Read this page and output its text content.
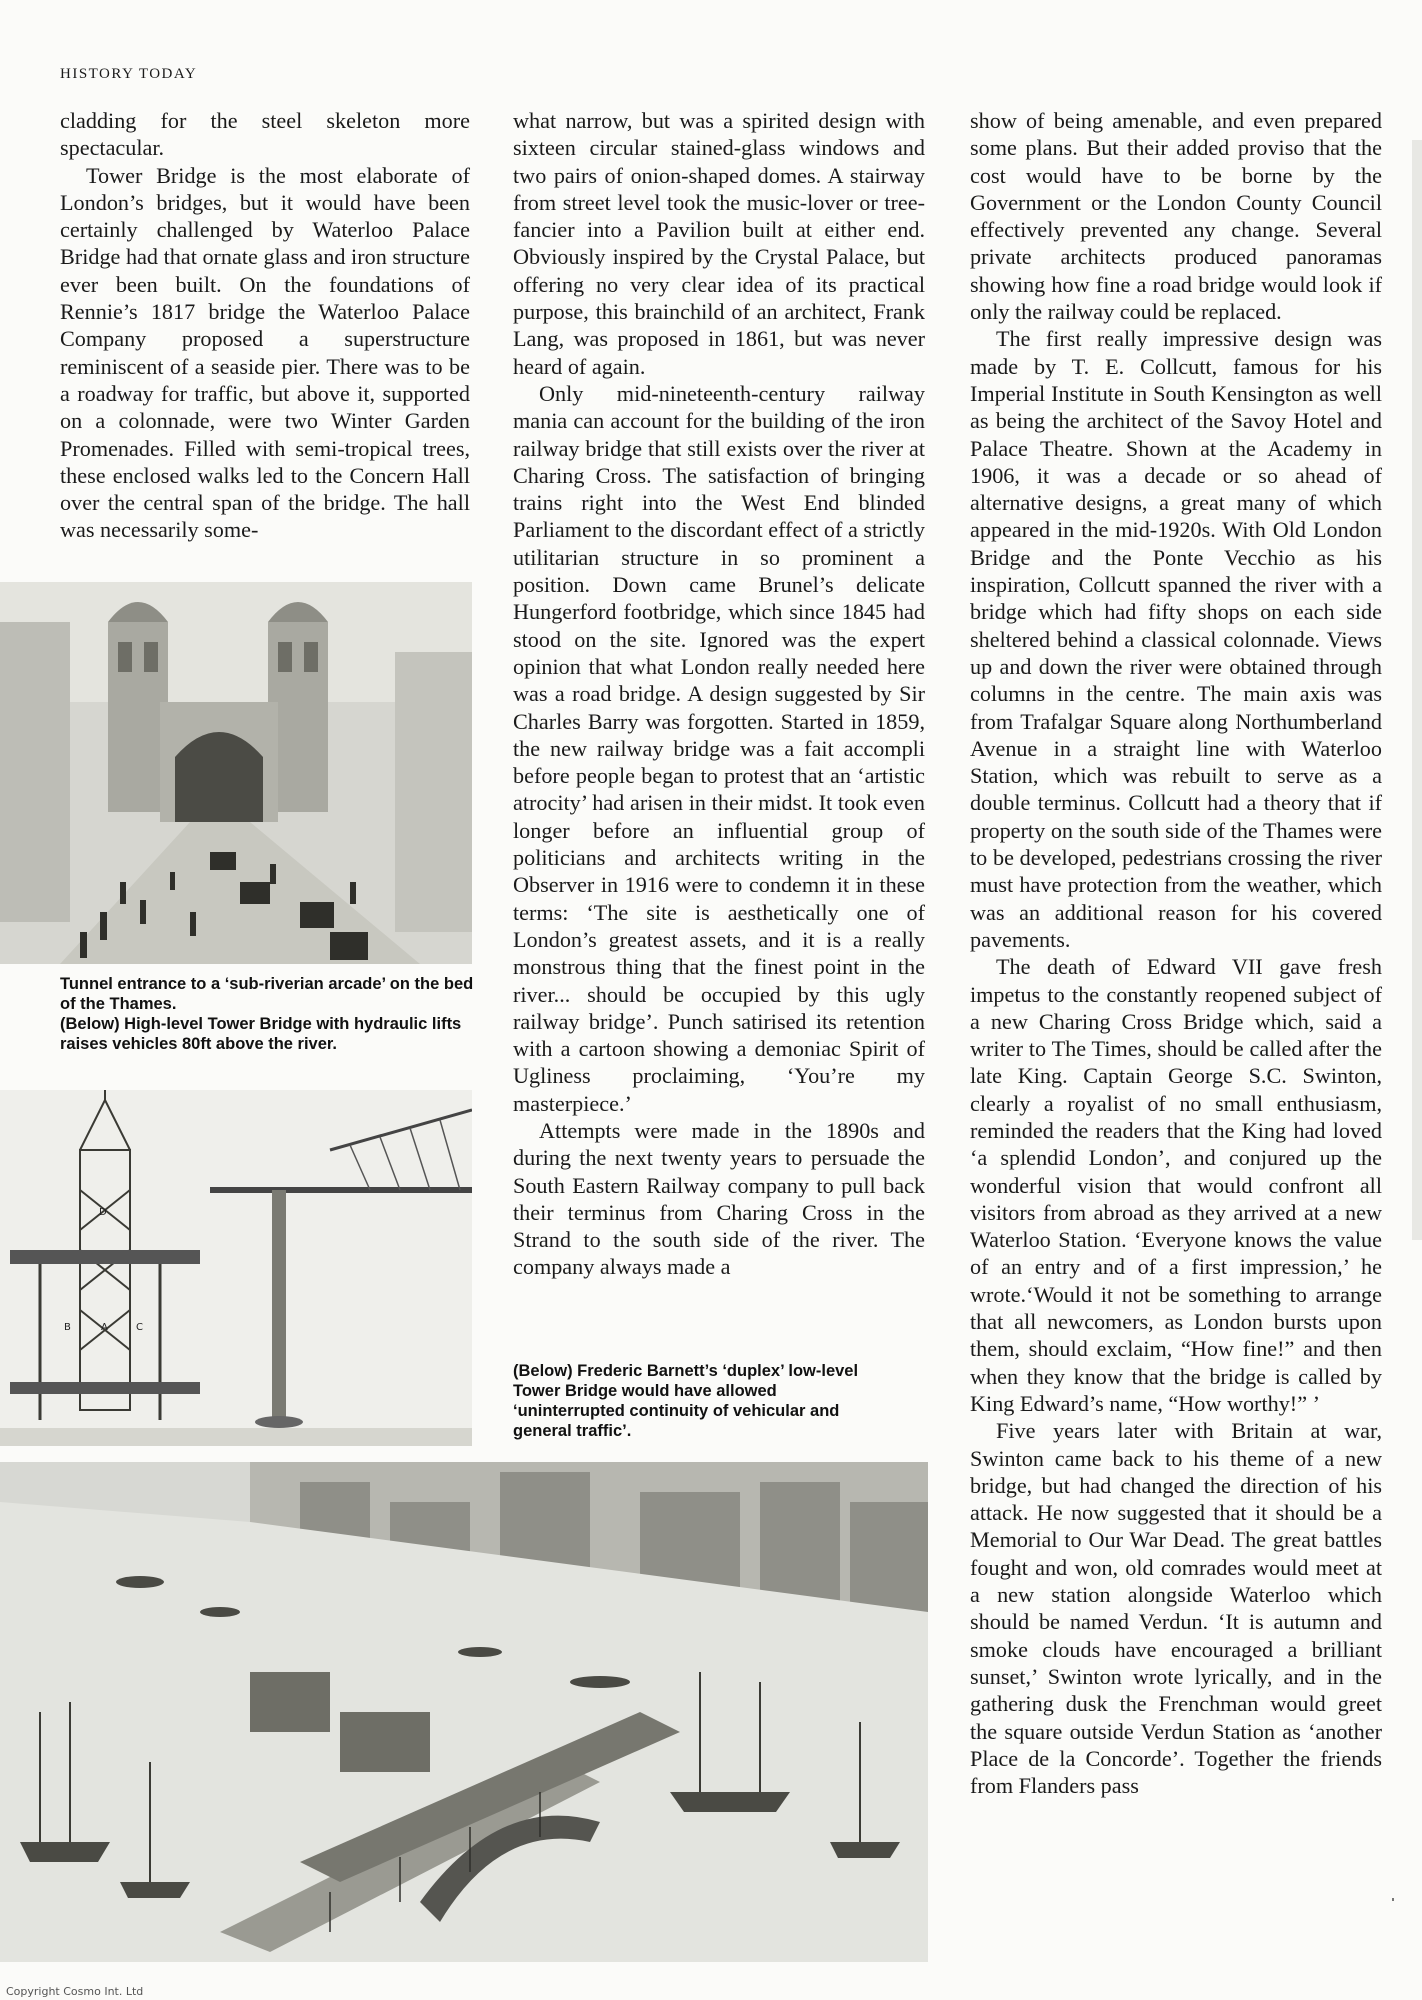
HISTORY TODAY

cladding for the steel skeleton more spectacular.

Tower Bridge is the most elaborate of London’s bridges, but it would have been certainly challenged by Waterloo Palace Bridge had that ornate glass and iron structure ever been built. On the foundations of Rennie’s 1817 bridge the Waterloo Palace Company proposed a superstructure reminiscent of a seaside pier. There was to be a roadway for traffic, but above it, supported on a colonnade, were two Winter Garden Promenades. Filled with semi-tropical trees, these enclosed walks led to the Concern Hall over the central span of the bridge. The hall was necessarily some-

what narrow, but was a spirited design with sixteen circular stained-glass windows and two pairs of onion-shaped domes. A stairway from street level took the music-lover or tree-fancier into a Pavilion built at either end. Obviously inspired by the Crystal Palace, but offering no very clear idea of its practical purpose, this brainchild of an architect, Frank Lang, was proposed in 1861, but was never heard of again.

Only mid-nineteenth-century railway mania can account for the building of the iron railway bridge that still exists over the river at Charing Cross. The satisfaction of bringing trains right into the West End blinded Parliament to the discordant effect of a strictly utilitarian structure in so prominent a position. Down came Brunel’s delicate Hungerford footbridge, which since 1845 had stood on the site. Ignored was the expert opinion that what London really needed here was a road bridge. A design suggested by Sir Charles Barry was forgotten. Started in 1859, the new railway bridge was a fait accompli before people began to protest that an ‘artistic atrocity’ had arisen in their midst. It took even longer before an influential group of politicians and architects writing in the Observer in 1916 were to condemn it in these terms: ‘The site is aesthetically one of London’s greatest assets, and it is a really monstrous thing that the finest point in the river... should be occupied by this ugly railway bridge’. Punch satirised its retention with a cartoon showing a demoniac Spirit of Ugliness proclaiming, ‘You’re my masterpiece.’

Attempts were made in the 1890s and during the next twenty years to persuade the South Eastern Railway company to pull back their terminus from Charing Cross in the Strand to the south side of the river. The company always made a

show of being amenable, and even prepared some plans. But their added proviso that the cost would have to be borne by the Government or the London County Council effectively prevented any change. Several private architects produced panoramas showing how fine a road bridge would look if only the railway could be replaced.

The first really impressive design was made by T. E. Collcutt, famous for his Imperial Institute in South Kensington as well as being the architect of the Savoy Hotel and Palace Theatre. Shown at the Academy in 1906, it was a decade or so ahead of alternative designs, a great many of which appeared in the mid-1920s. With Old London Bridge and the Ponte Vecchio as his inspiration, Collcutt spanned the river with a bridge which had fifty shops on each side sheltered behind a classical colonnade. Views up and down the river were obtained through columns in the centre. The main axis was from Trafalgar Square along Northumberland Avenue in a straight line with Waterloo Station, which was rebuilt to serve as a double terminus. Collcutt had a theory that if property on the south side of the Thames were to be developed, pedestrians crossing the river must have protection from the weather, which was an additional reason for his covered pavements.

The death of Edward VII gave fresh impetus to the constantly reopened subject of a new Charing Cross Bridge which, said a writer to The Times, should be called after the late King. Captain George S.C. Swinton, clearly a royalist of no small enthusiasm, reminded the readers that the King had loved ‘a splendid London’, and conjured up the wonderful vision that would confront all visitors from abroad as they arrived at a new Waterloo Station. ‘Everyone knows the value of an entry and of a first impression,’ he wrote.‘Would it not be something to arrange that all newcomers, as London bursts upon them, should exclaim, “How fine!” and then when they know that the bridge is called by King Edward’s name, “How worthy!” ’

Five years later with Britain at war, Swinton came back to his theme of a new bridge, but had changed the direction of his attack. He now suggested that it should be a Memorial to Our War Dead. The great battles fought and won, old comrades would meet at a new station alongside Waterloo which should be named Verdun. ‘It is autumn and smoke clouds have encouraged a brilliant sunset,’ Swinton wrote lyrically, and in the gathering dusk the Frenchman would greet the square outside Verdun Station as ‘another Place de la Concorde’. Together the friends from Flanders pass

Tunnel entrance to a ‘sub-riverian arcade’ on the bed of the Thames.
(Below) High-level Tower Bridge with hydraulic lifts raises vehicles 80ft above the river.
D
B	A	C
(Below) Frederic Barnett’s ‘duplex’ low-level Tower Bridge would have allowed ‘uninterrupted continuity of vehicular and general traffic’.
Copyright Cosmo Int. Ltd
